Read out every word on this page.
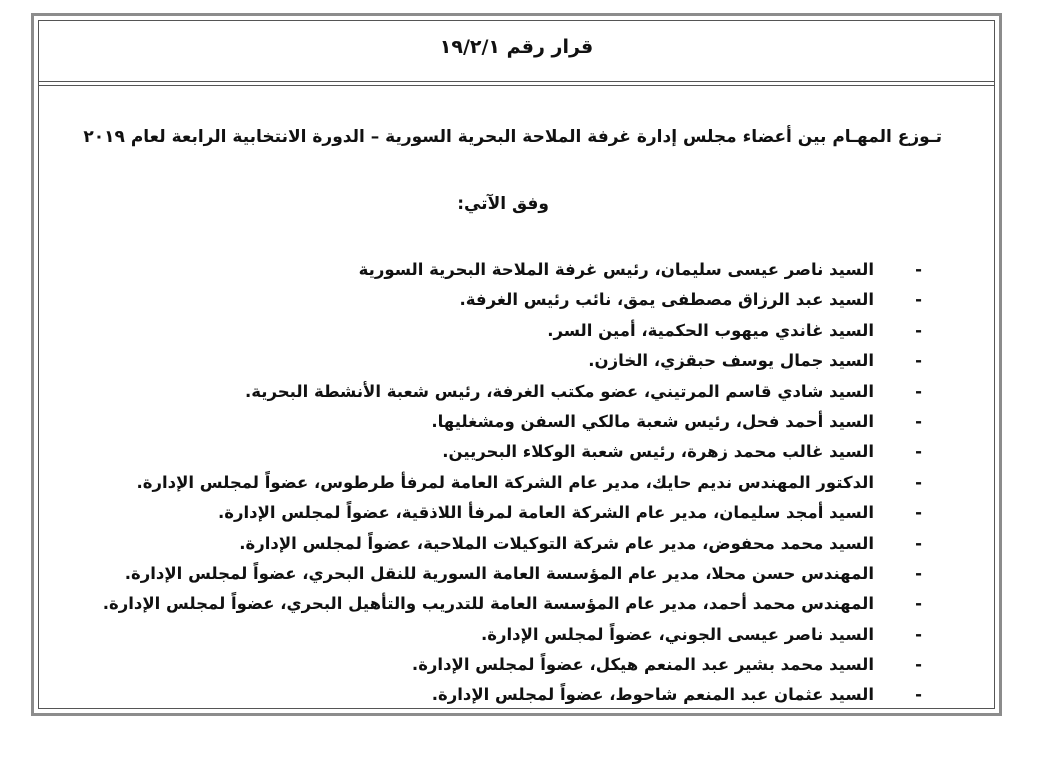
قرار رقم ١٩/٢/١
تـوزع المهـام بين أعضاء مجلس إدارة غرفة الملاحة البحرية السورية – الدورة الانتخابية الرابعة لعام ٢٠١٩
وفق الآتي:
-
السيد ناصر عيسى سليمان، رئيس غرفة الملاحة البحرية السورية
-
السيد عبد الرزاق مصطفى يمق، نائب رئيس الغرفة.
-
السيد غاندي ميهوب الحكمية، أمين السر.
-
السيد جمال يوسف حبقزي، الخازن.
-
السيد شادي قاسم المرتيني، عضو مكتب الغرفة، رئيس شعبة الأنشطة البحرية.
-
السيد أحمد فحل، رئيس شعبة مالكي السفن ومشغليها.
-
السيد غالب محمد زهرة، رئيس شعبة الوكلاء البحريين.
-
الدكتور المهندس نديم حايك، مدير عام الشركة العامة لمرفأ طرطوس، عضواً لمجلس الإدارة.
-
السيد أمجد سليمان، مدير عام الشركة العامة لمرفأ اللاذقية، عضواً لمجلس الإدارة.
-
السيد محمد محفوض، مدير عام شركة التوكيلات الملاحية، عضواً لمجلس الإدارة.
-
المهندس حسن محلا، مدير عام المؤسسة العامة السورية للنقل البحري، عضواً لمجلس الإدارة.
-
المهندس محمد أحمد، مدير عام المؤسسة العامة للتدريب والتأهيل البحري، عضواً لمجلس الإدارة.
-
السيد ناصر عيسى الجوني، عضواً لمجلس الإدارة.
-
السيد محمد بشير عبد المنعم هيكل، عضواً لمجلس الإدارة.
-
السيد عثمان عبد المنعم شاحوط، عضواً لمجلس الإدارة.
